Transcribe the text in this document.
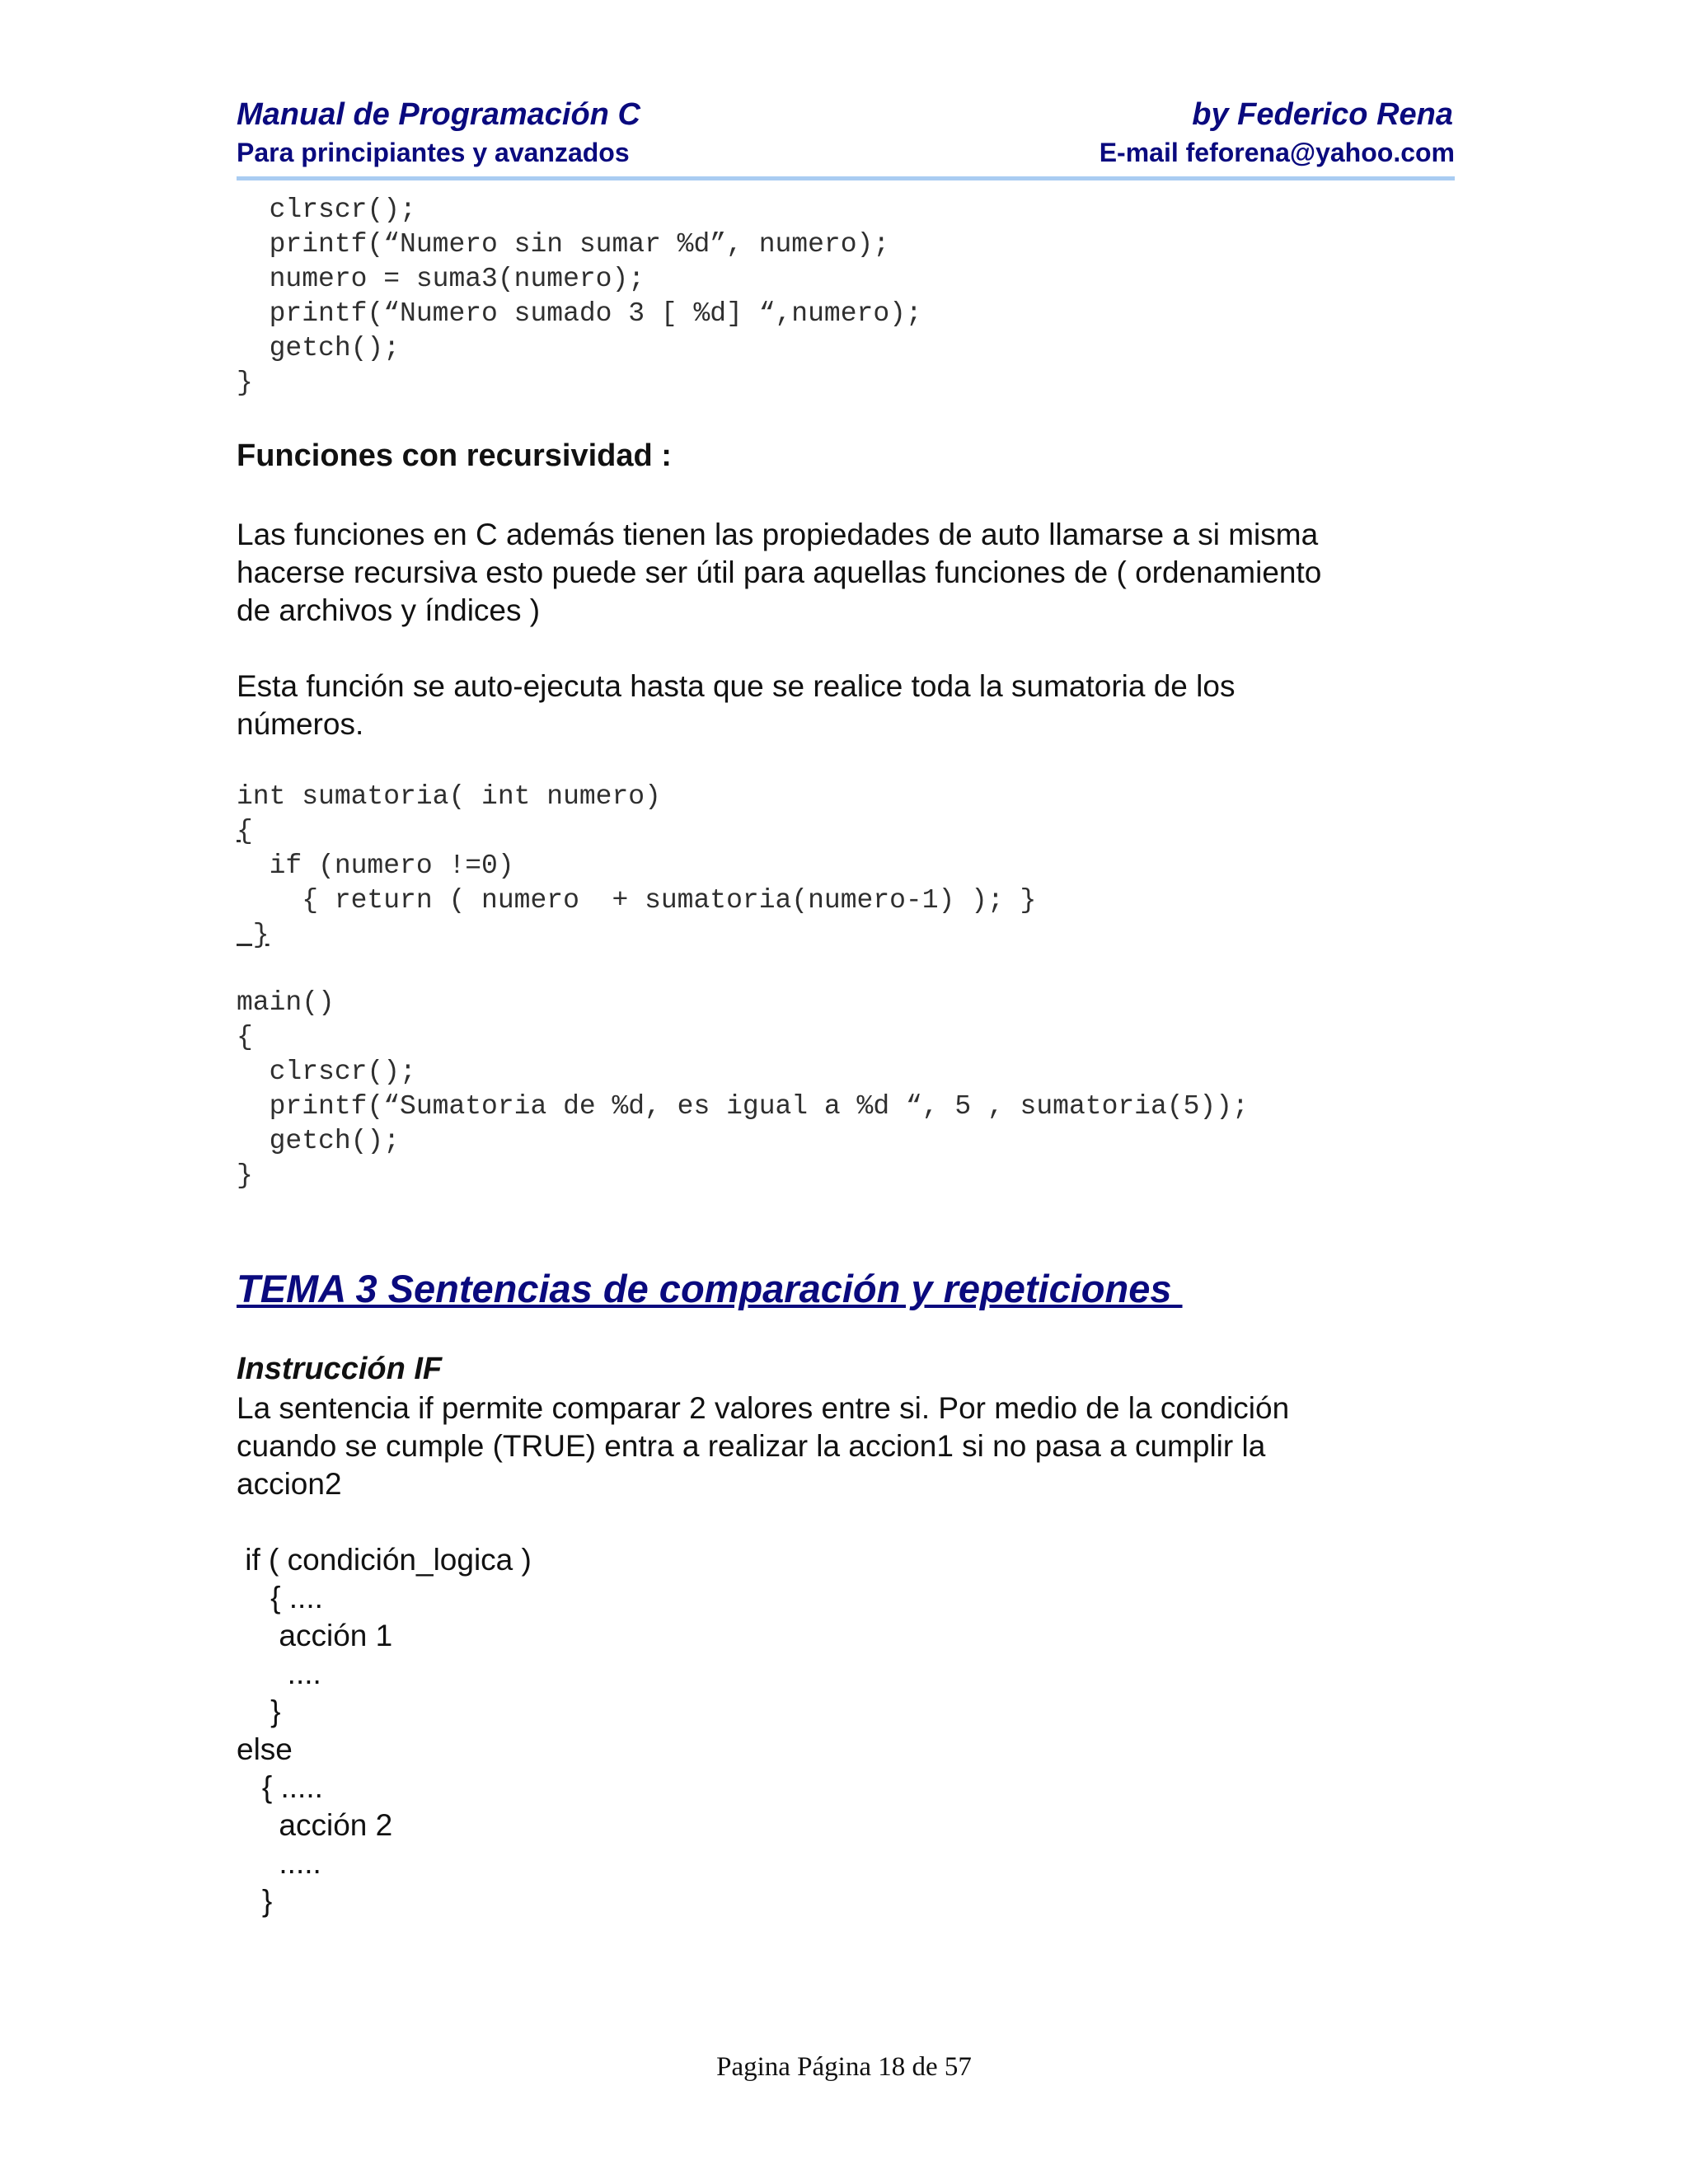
Manual de Programación C
Para principiantes y avanzados
by Federico Rena
E-mail feforena@yahoo.com
clrscr();
printf(“Numero sin sumar %d”, numero);
numero = suma3(numero);
printf(“Numero sumado 3 [ %d] “,numero);
getch();
}
Funciones con recursividad :

Las funciones en C además tienen las propiedades de auto llamarse a si misma
hacerse recursiva esto puede ser útil para aquellas funciones de ( ordenamiento
de archivos y índices )

Esta función se auto-ejecuta hasta que se realice toda la sumatoria de los
números.

int sumatoria( int numero)
{
if (numero !=0)
{ return ( numero  + sumatoria(numero-1) ); }
}
main()
{
clrscr();
printf(“Sumatoria de %d, es igual a %d “, 5 , sumatoria(5));
getch();
}
TEMA 3 Sentencias de comparación y repeticiones
Instrucción IF

La sentencia if permite comparar 2 valores entre si. Por medio de la condición
cuando se cumple (TRUE) entra a realizar la accion1 si no pasa a cumplir la
accion2

if ( condición_logica )
{ ....
acción 1
....
}
else
{ .....
acción 2
.....
}
Pagina Página 18 de 57
